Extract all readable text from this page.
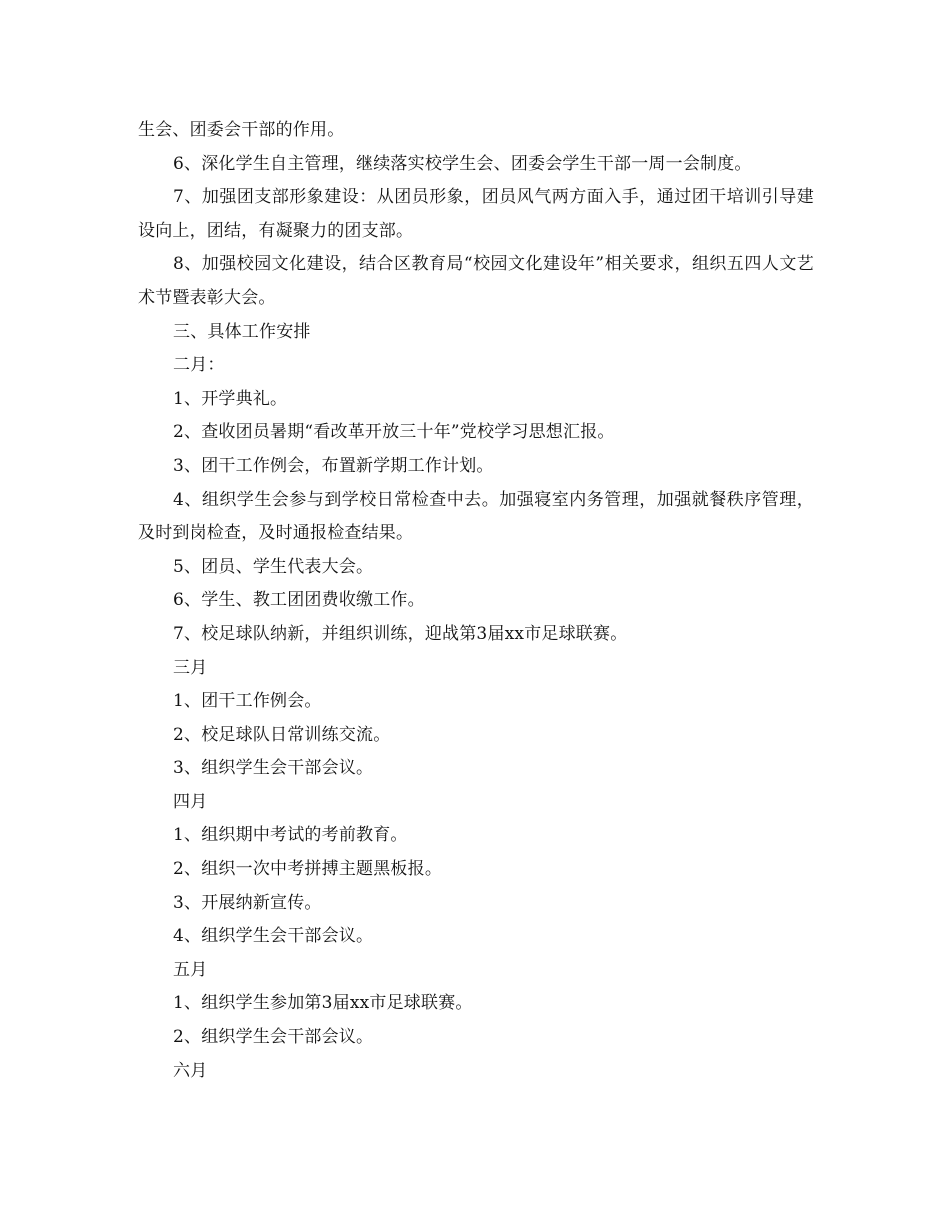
生会、团委会干部的作用。

6、深化学生自主管理，继续落实校学生会、团委会学生干部一周一会制度。

7、加强团支部形象建设：从团员形象，团员风气两方面入手，通过团干培训引导建设向上，团结，有凝聚力的团支部。

8、加强校园文化建设，结合区教育局“校园文化建设年”相关要求，组织五四人文艺术节暨表彰大会。

三、具体工作安排

二月：

1、开学典礼。

2、查收团员暑期“看改革开放三十年”党校学习思想汇报。

3、团干工作例会，布置新学期工作计划。

4、组织学生会参与到学校日常检查中去。加强寝室内务管理，加强就餐秩序管理，及时到岗检查，及时通报检查结果。

5、团员、学生代表大会。

6、学生、教工团团费收缴工作。

7、校足球队纳新，并组织训练，迎战第3届xx市足球联赛。

三月

1、团干工作例会。

2、校足球队日常训练交流。

3、组织学生会干部会议。

四月

1、组织期中考试的考前教育。

2、组织一次中考拼搏主题黑板报。

3、开展纳新宣传。

4、组织学生会干部会议。

五月

1、组织学生参加第3届xx市足球联赛。

2、组织学生会干部会议。

六月
